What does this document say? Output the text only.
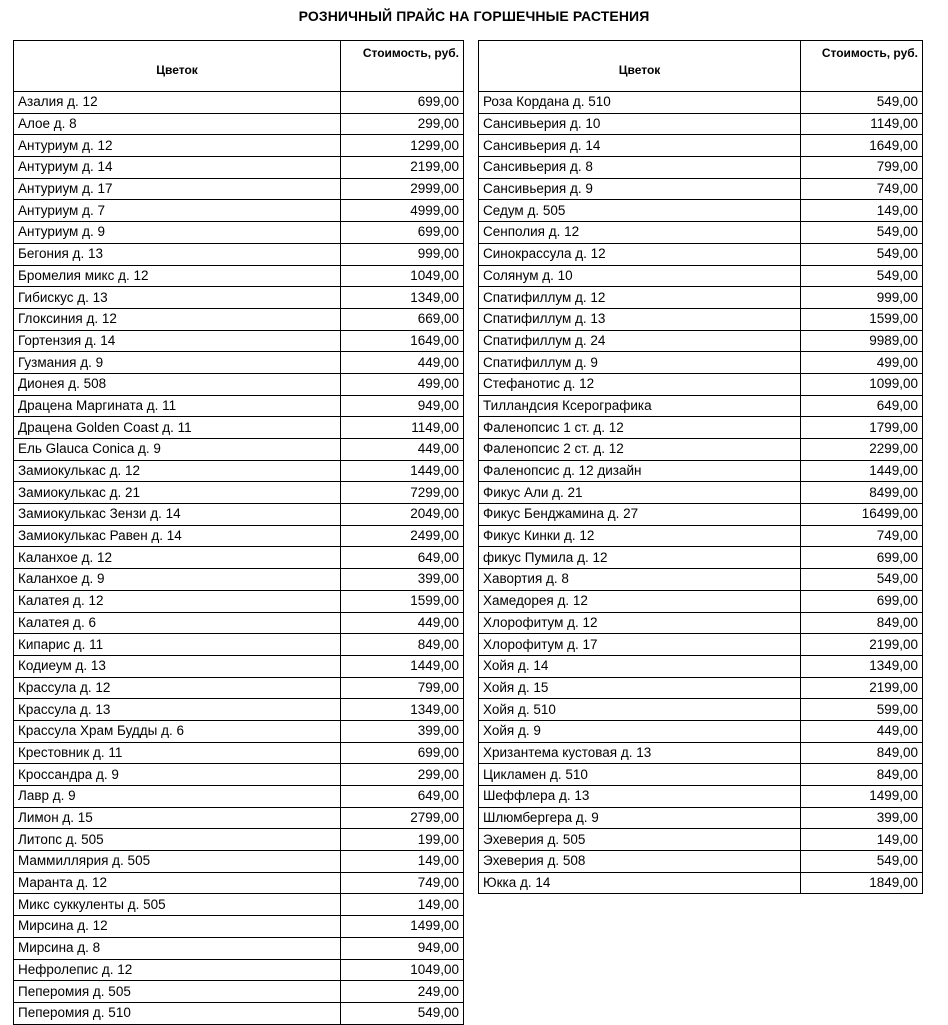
РОЗНИЧНЫЙ ПРАЙС НА ГОРШЕЧНЫЕ РАСТЕНИЯ
Цветок	Стоимость, руб.
Азалия д. 12	699,00
Алое д. 8	299,00
Антуриум д. 12	1299,00
Антуриум д. 14	2199,00
Антуриум д. 17	2999,00
Антуриум д. 7	4999,00
Антуриум д. 9	699,00
Бегония д. 13	999,00
Бромелия микс д. 12	1049,00
Гибискус д. 13	1349,00
Глоксиния д. 12	669,00
Гортензия д. 14	1649,00
Гузмания д. 9	449,00
Дионея д. 508	499,00
Драцена Маргината д. 11	949,00
Драцена Golden Coast д. 11	1149,00
Ель Glauca Conica д. 9	449,00
Замиокулькас д. 12	1449,00
Замиокулькас д. 21	7299,00
Замиокулькас Зензи д. 14	2049,00
Замиокулькас Равен д. 14	2499,00
Каланхое д. 12	649,00
Каланхое д. 9	399,00
Калатея д. 12	1599,00
Калатея д. 6	449,00
Кипарис д. 11	849,00
Кодиеум д. 13	1449,00
Крассула д. 12	799,00
Крассула д. 13	1349,00
Крассула Храм Будды д. 6	399,00
Крестовник д. 11	699,00
Кроссандра д. 9	299,00
Лавр д. 9	649,00
Лимон д. 15	2799,00
Литопс д. 505	199,00
Маммиллярия д. 505	149,00
Маранта д. 12	749,00
Микс суккуленты д. 505	149,00
Мирсина д. 12	1499,00
Мирсина д. 8	949,00
Нефролепис д. 12	1049,00
Пеперомия д. 505	249,00
Пеперомия д. 510	549,00
Цветок	Стоимость, руб.
Роза Кордана д. 510	549,00
Сансивьерия д. 10	1149,00
Сансивьерия д. 14	1649,00
Сансивьерия д. 8	799,00
Сансивьерия д. 9	749,00
Седум д. 505	149,00
Сенполия д. 12	549,00
Синокрассула д. 12	549,00
Солянум д. 10	549,00
Спатифиллум д. 12	999,00
Спатифиллум д. 13	1599,00
Спатифиллум д. 24	9989,00
Спатифиллум д. 9	499,00
Стефанотис д. 12	1099,00
Тилландсия Ксерографика	649,00
Фаленопсис 1 ст. д. 12	1799,00
Фаленопсис 2 ст. д. 12	2299,00
Фаленопсис д. 12 дизайн	1449,00
Фикус Али д. 21	8499,00
Фикус Бенджамина д. 27	16499,00
Фикус Кинки д. 12	749,00
фикус Пумила д. 12	699,00
Хавортия д. 8	549,00
Хамедорея д. 12	699,00
Хлорофитум д. 12	849,00
Хлорофитум д. 17	2199,00
Хойя д. 14	1349,00
Хойя д. 15	2199,00
Хойя д. 510	599,00
Хойя д. 9	449,00
Хризантема кустовая д. 13	849,00
Цикламен д. 510	849,00
Шеффлера д. 13	1499,00
Шлюмбергера д. 9	399,00
Эхеверия д. 505	149,00
Эхеверия д. 508	549,00
Юкка д. 14	1849,00
